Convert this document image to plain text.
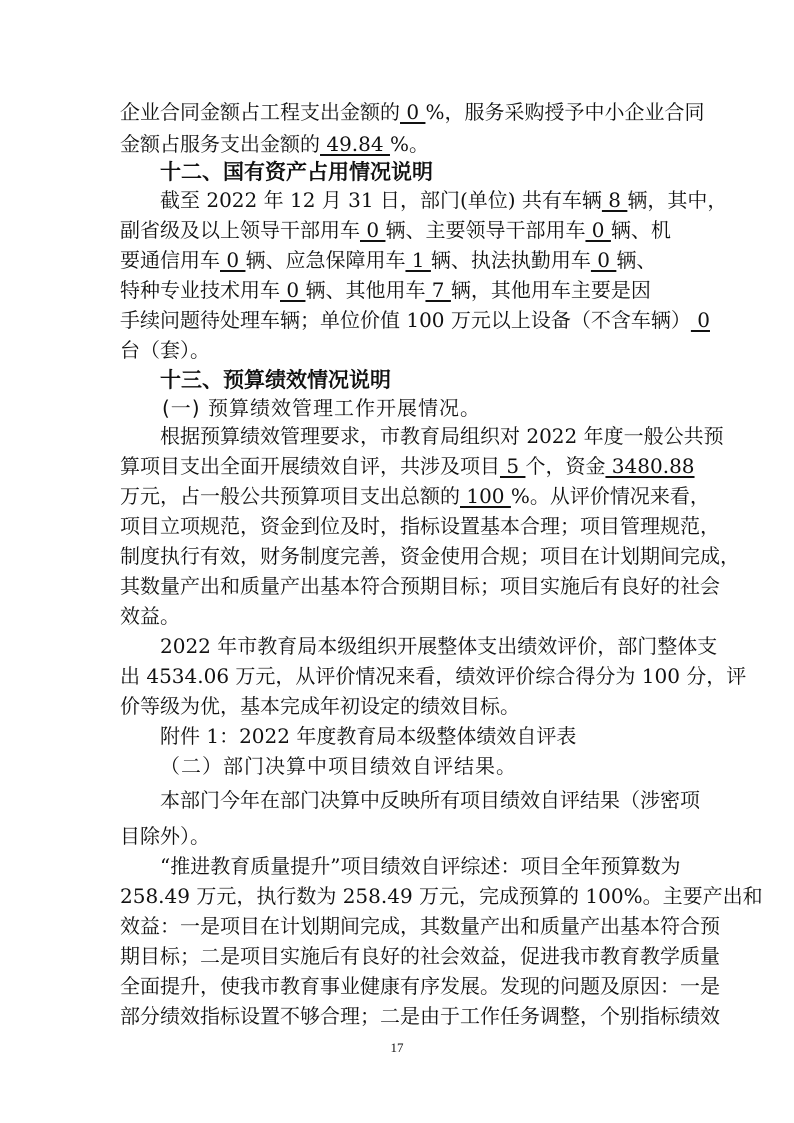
企业合同金额占工程支出金额的 0 %，服务采购授予中小企业合同
金额占服务支出金额的 49.84 %。
十二、国有资产占用情况说明
截至 2022 年 12 月 31 日，部门(单位) 共有车辆 8 辆，其中，
副省级及以上领导干部用车 0 辆、主要领导干部用车 0 辆、机
要通信用车 0 辆、应急保障用车 1 辆、执法执勤用车 0 辆、
特种专业技术用车 0 辆、其他用车 7 辆，其他用车主要是因
手续问题待处理车辆；单位价值 100 万元以上设备（不含车辆） 0
台（套）。
十三、预算绩效情况说明
(一) 预算绩效管理工作开展情况。
根据预算绩效管理要求，市教育局组织对 2022 年度一般公共预
算项目支出全面开展绩效自评，共涉及项目 5 个，资金 3480.88
万元，占一般公共预算项目支出总额的 100 %。从评价情况来看，
项目立项规范，资金到位及时，指标设置基本合理；项目管理规范，
制度执行有效，财务制度完善，资金使用合规；项目在计划期间完成，
其数量产出和质量产出基本符合预期目标；项目实施后有良好的社会
效益。
2022 年市教育局本级组织开展整体支出绩效评价，部门整体支
出 4534.06 万元，从评价情况来看，绩效评价综合得分为 100 分，评
价等级为优，基本完成年初设定的绩效目标。
附件 1：2022 年度教育局本级整体绩效自评表
（二）部门决算中项目绩效自评结果。
本部门今年在部门决算中反映所有项目绩效自评结果（涉密项
目除外）。
“推进教育质量提升”项目绩效自评综述：项目全年预算数为
258.49 万元，执行数为 258.49 万元，完成预算的 100%。主要产出和
效益：一是项目在计划期间完成，其数量产出和质量产出基本符合预
期目标；二是项目实施后有良好的社会效益，促进我市教育教学质量
全面提升，使我市教育事业健康有序发展。发现的问题及原因：一是
部分绩效指标设置不够合理；二是由于工作任务调整，个别指标绩效
17
